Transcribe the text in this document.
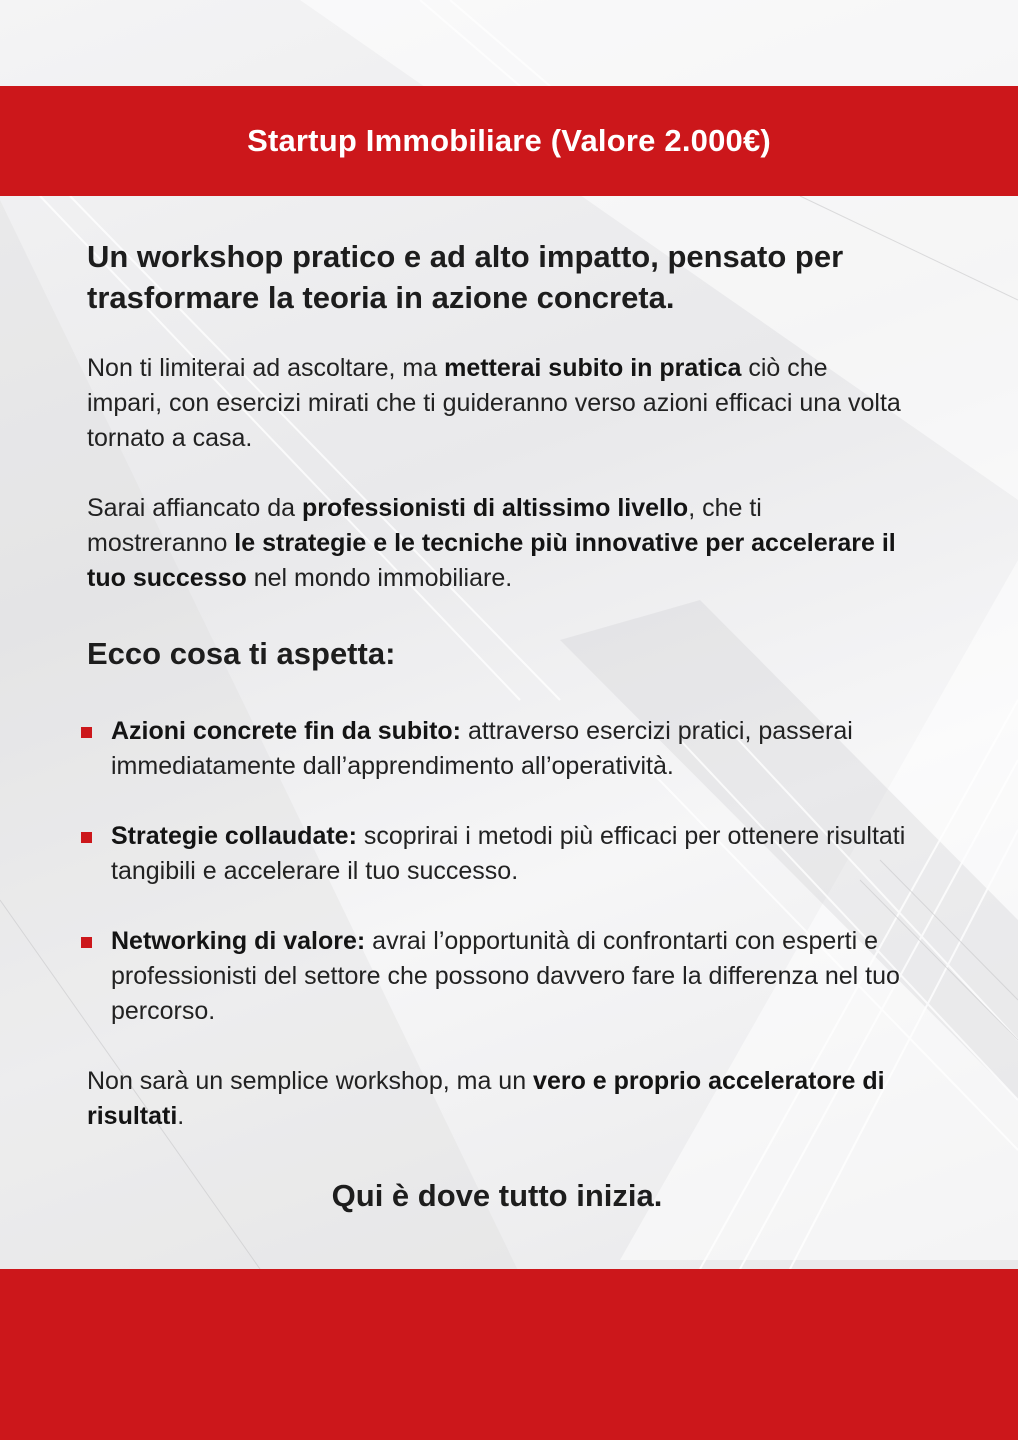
Startup Immobiliare (Valore 2.000€)
Un workshop pratico e ad alto impatto, pensato per trasformare la teoria in azione concreta.

Non ti limiterai ad ascoltare, ma metterai subito in pratica ciò che impari, con esercizi mirati che ti guideranno verso azioni efficaci una volta tornato a casa.

Sarai affiancato da professionisti di altissimo livello, che ti mostreranno le strategie e le tecniche più innovative per accelerare il tuo successo nel mondo immobiliare.

Ecco cosa ti aspetta:
Azioni concrete fin da subito: attraverso esercizi pratici, passerai immediatamente dall’apprendimento all’operatività.
Strategie collaudate: scoprirai i metodi più efficaci per ottenere risultati tangibili e accelerare il tuo successo.
Networking di valore: avrai l’opportunità di confrontarti con esperti e professionisti del settore che possono davvero fare la differenza nel tuo percorso.

Non sarà un semplice workshop, ma un vero e proprio acceleratore di risultati.

Qui è dove tutto inizia.
